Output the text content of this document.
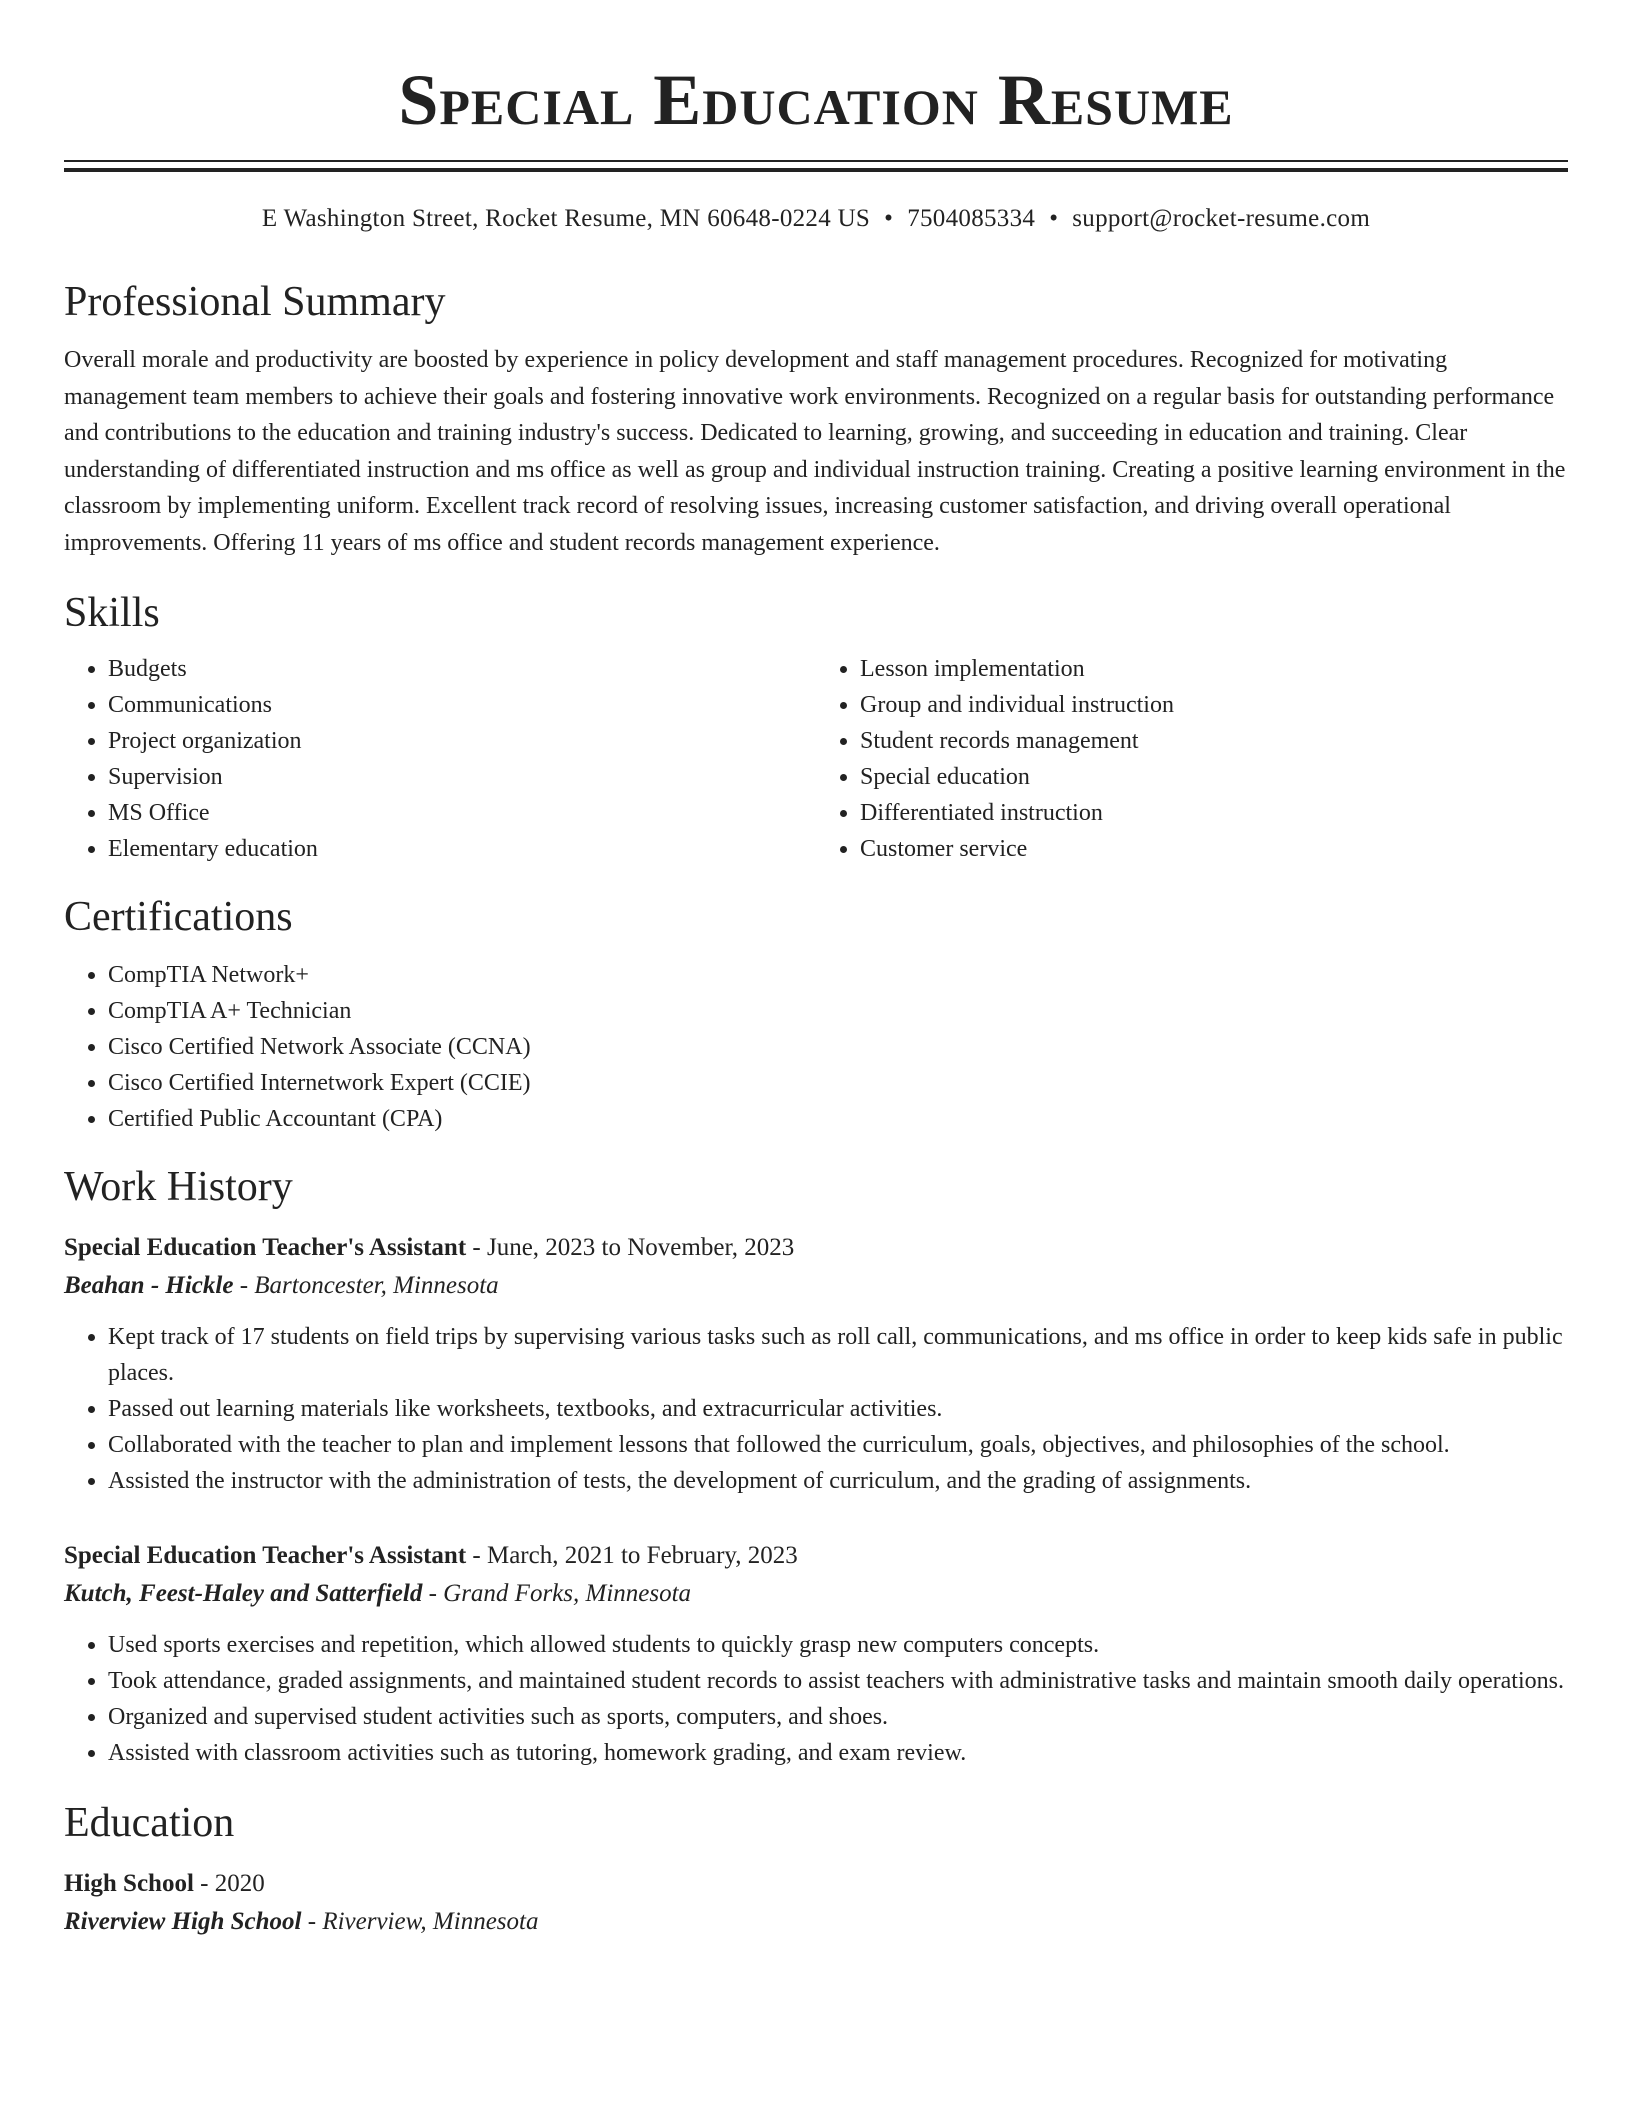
Special Education Resume
E Washington Street, Rocket Resume, MN 60648-0224 US • 7504085334 • support@rocket-resume.com
Professional Summary
Overall morale and productivity are boosted by experience in policy development and staff management procedures. Recognized for motivating management team members to achieve their goals and fostering innovative work environments. Recognized on a regular basis for outstanding performance and contributions to the education and training industry's success. Dedicated to learning, growing, and succeeding in education and training. Clear understanding of differentiated instruction and ms office as well as group and individual instruction training. Creating a positive learning environment in the classroom by implementing uniform. Excellent track record of resolving issues, increasing customer satisfaction, and driving overall operational improvements. Offering 11 years of ms office and student records management experience.
Skills
• Budgets
• Communications
• Project organization
• Supervision
• MS Office
• Elementary education
• Lesson implementation
• Group and individual instruction
• Student records management
• Special education
• Differentiated instruction
• Customer service
Certifications
• CompTIA Network+
• CompTIA A+ Technician
• Cisco Certified Network Associate (CCNA)
• Cisco Certified Internetwork Expert (CCIE)
• Certified Public Accountant (CPA)
Work History
Special Education Teacher's Assistant - June, 2023 to November, 2023
Beahan - Hickle - Bartoncester, Minnesota
• Kept track of 17 students on field trips by supervising various tasks such as roll call, communications, and ms office in order to keep kids safe in public places.
• Passed out learning materials like worksheets, textbooks, and extracurricular activities.
• Collaborated with the teacher to plan and implement lessons that followed the curriculum, goals, objectives, and philosophies of the school.
• Assisted the instructor with the administration of tests, the development of curriculum, and the grading of assignments.
Special Education Teacher's Assistant - March, 2021 to February, 2023
Kutch, Feest-Haley and Satterfield - Grand Forks, Minnesota
• Used sports exercises and repetition, which allowed students to quickly grasp new computers concepts.
• Took attendance, graded assignments, and maintained student records to assist teachers with administrative tasks and maintain smooth daily operations.
• Organized and supervised student activities such as sports, computers, and shoes.
• Assisted with classroom activities such as tutoring, homework grading, and exam review.
Education
High School - 2020
Riverview High School - Riverview, Minnesota
